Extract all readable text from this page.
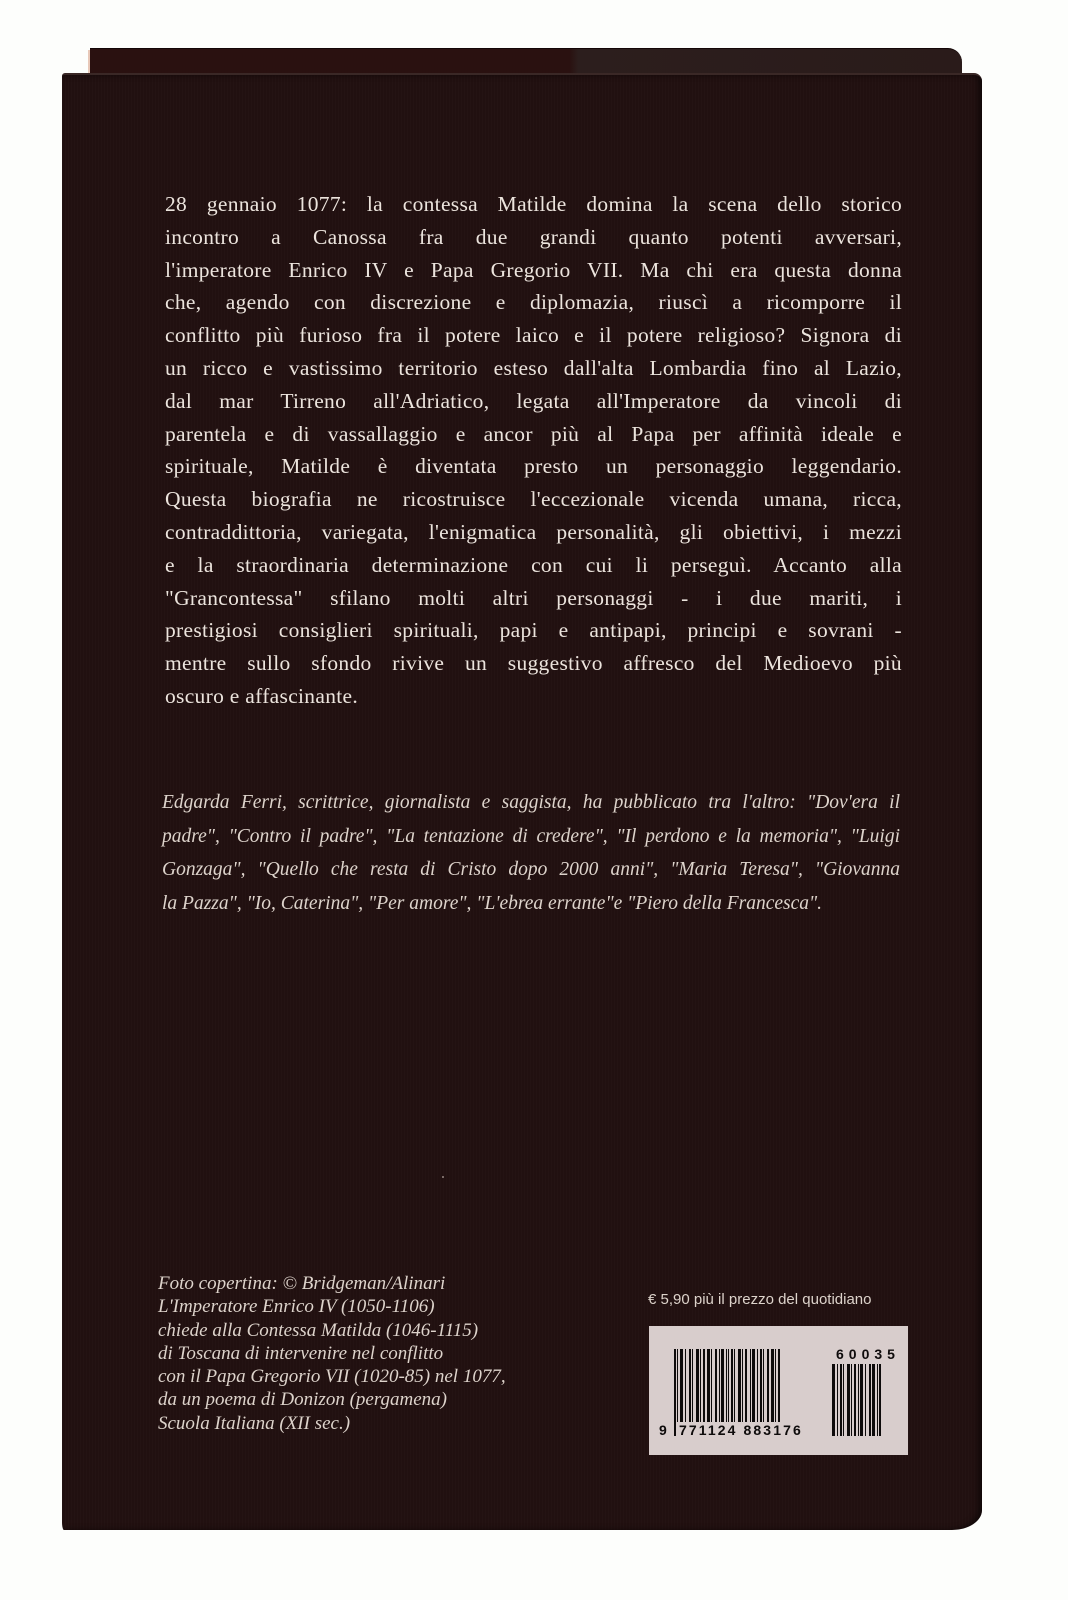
28 gennaio 1077: la contessa Matilde domina la scena dello storico
incontro a Canossa fra due grandi quanto potenti avversari,
l'imperatore Enrico IV e Papa Gregorio VII. Ma chi era questa donna
che, agendo con discrezione e diplomazia, riuscì a ricomporre il
conflitto più furioso fra il potere laico e il potere religioso? Signora di
un ricco e vastissimo territorio esteso dall'alta Lombardia fino al Lazio,
dal mar Tirreno all'Adriatico, legata all'Imperatore da vincoli di
parentela e di vassallaggio e ancor più al Papa per affinità ideale e
spirituale, Matilde è diventata presto un personaggio leggendario.
Questa biografia ne ricostruisce l'eccezionale vicenda umana, ricca,
contraddittoria, variegata, l'enigmatica personalità, gli obiettivi, i mezzi
e la straordinaria determinazione con cui li perseguì. Accanto alla
"Grancontessa" sfilano molti altri personaggi - i due mariti, i
prestigiosi consiglieri spirituali, papi e antipapi, principi e sovrani -
mentre sullo sfondo rivive un suggestivo affresco del Medioevo più
oscuro e affascinante.
Edgarda Ferri, scrittrice, giornalista e saggista, ha pubblicato tra l'altro: "Dov'era il
padre", "Contro il padre", "La tentazione di credere", "Il perdono e la memoria", "Luigi
Gonzaga", "Quello che resta di Cristo dopo 2000 anni", "Maria Teresa", "Giovanna
la Pazza", "Io, Caterina", "Per amore", "L'ebrea errante"e "Piero della Francesca".
Foto copertina: © Bridgeman/Alinari
L'Imperatore Enrico IV (1050-1106)
chiede alla Contessa Matilda (1046-1115)
di Toscana di intervenire nel conflitto
con il Papa Gregorio VII (1020-85) nel 1077,
da un poema di Donizon (pergamena)
Scuola Italiana (XII sec.)
€ 5,90 più il prezzo del quotidiano
9 771124 883176
60035
